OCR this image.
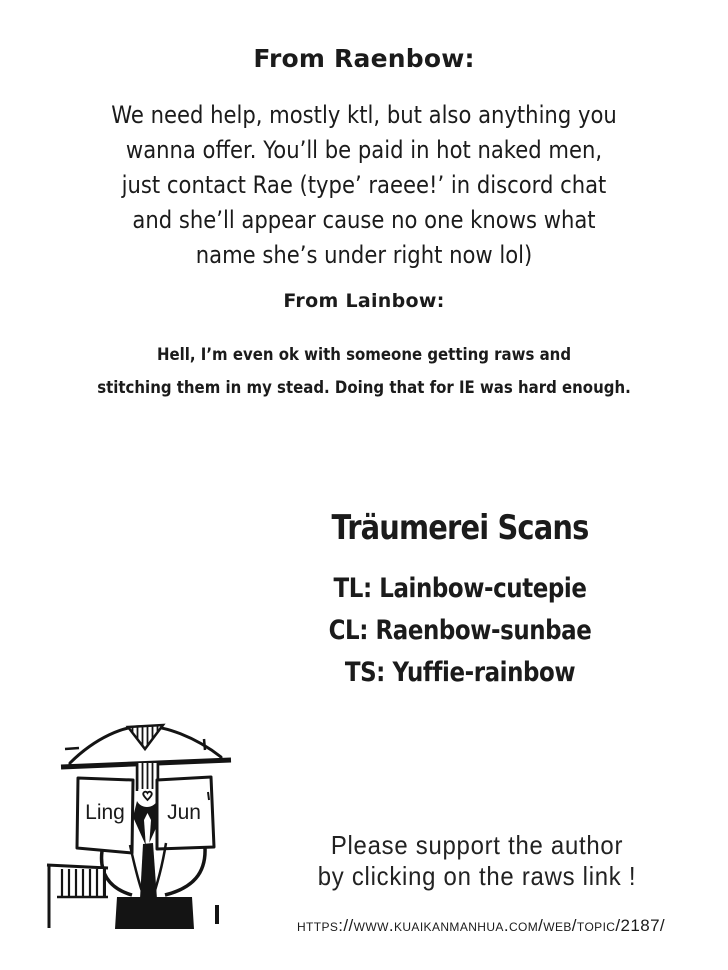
From Raenbow:
We need help, mostly ktl, but also anything you
wanna offer. You’ll be paid in hot naked men,
just contact Rae (type’ raeee!’ in discord chat
and she’ll appear cause no one knows what
name she’s under right now lol)
From Lainbow:
Hell, I’m even ok with someone getting raws and
stitching them in my stead. Doing that for IE was hard enough.
Träumerei Scans
TL: Lainbow-cutepie
CL: Raenbow-sunbae
TS: Yuffie-rainbow
Ling Jun
Please support the author
by clicking on the raws link !
https://www.kuaikanmanhua.com/web/topic/2187/
